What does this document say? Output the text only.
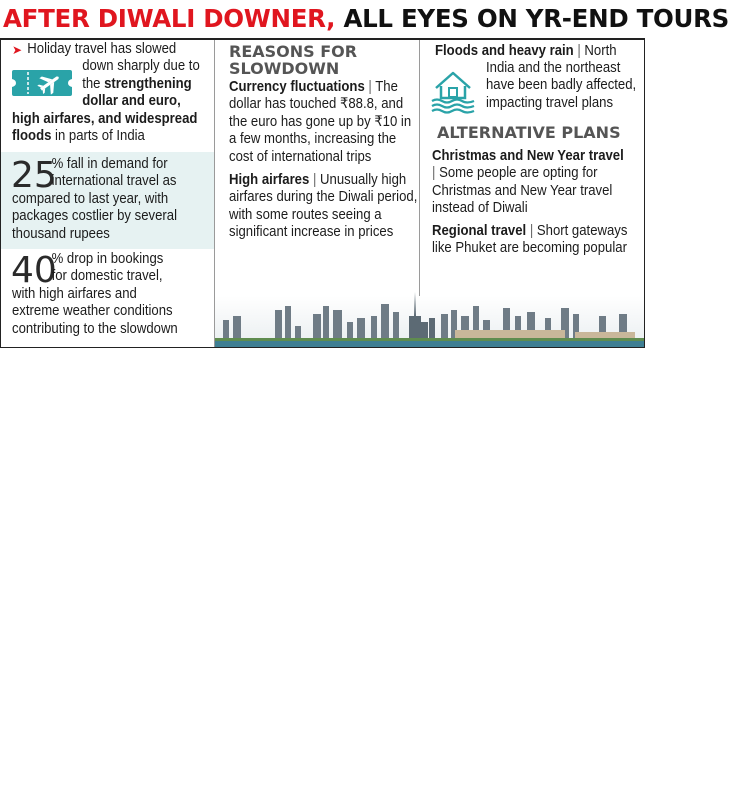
AFTER DIWALI DOWNER, ALL EYES ON YR-END TOURS
➤ Holiday travel has slowed
down sharply due to
the strengthening
dollar and euro,
high airfares, and widespread
floods in parts of India
25
% fall in demand for
international travel as
compared to last year, with
packages costlier by several
thousand rupees
40
% drop in bookings
for domestic travel,
with high airfares and
extreme weather conditions
contributing to the slowdown
REASONS FOR
SLOWDOWN
Currency fluctuations | The dollar has touched ₹88.8, and the euro has gone up by ₹10 in a few months, increasing the cost of international trips
High airfares | Unusually high airfares during the Diwali period, with some routes seeing a significant increase in prices
Floods and heavy rain | North
India and the northeast
have been badly affected,
impacting travel plans
ALTERNATIVE PLANS
Christmas and New Year travel
| Some people are opting for Christmas and New Year travel instead of Diwali
Regional travel | Short gateways like Phuket are becoming popular
